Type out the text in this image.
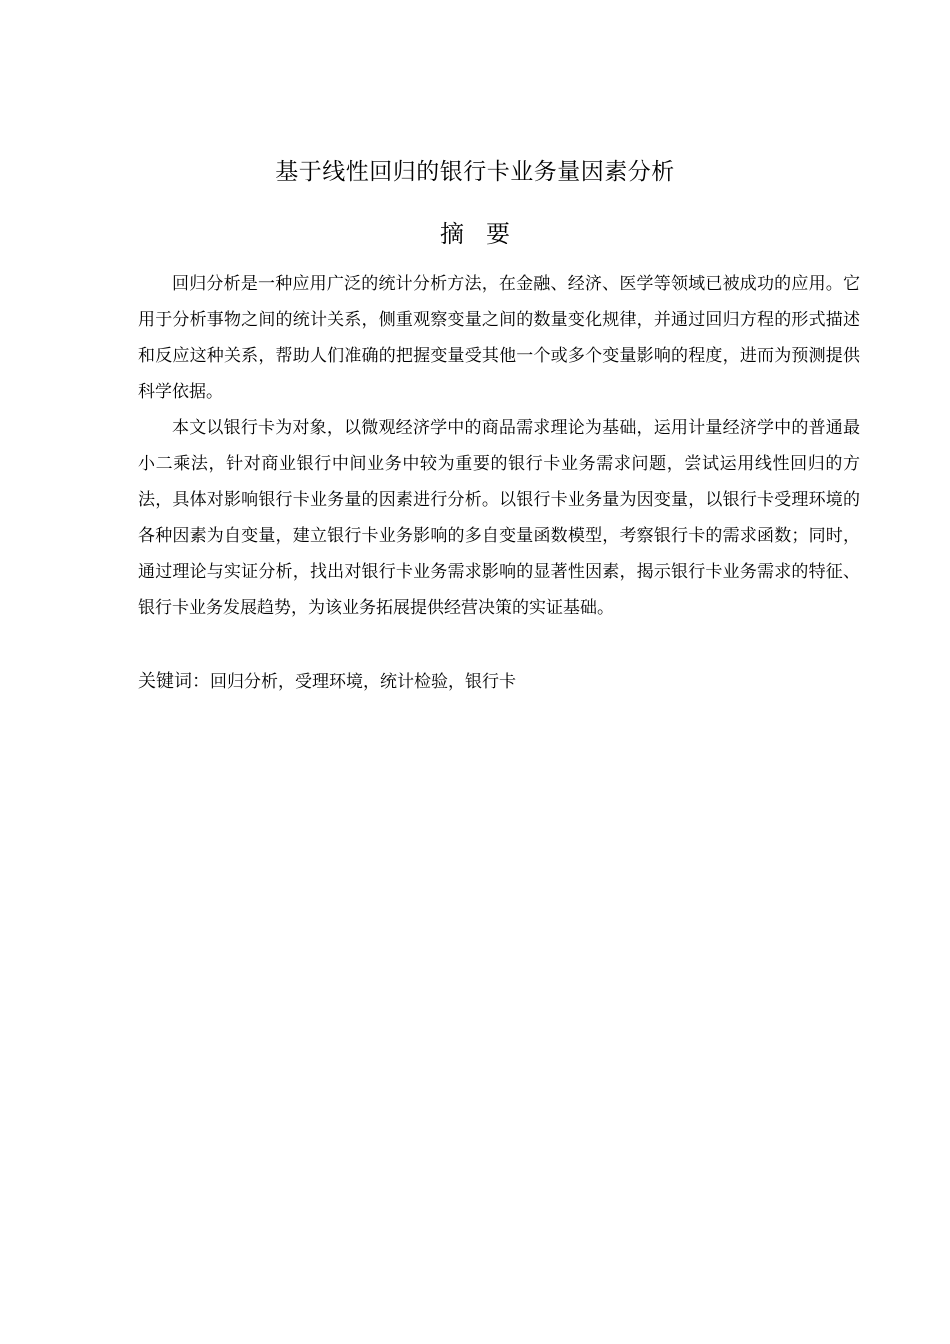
基于线性回归的银行卡业务量因素分析
摘要

回归分析是一种应用广泛的统计分析方法，在金融、经济、医学等领域已被成功的应用。它用于分析事物之间的统计关系，侧重观察变量之间的数量变化规律，并通过回归方程的形式描述和反应这种关系，帮助人们准确的把握变量受其他一个或多个变量影响的程度，进而为预测提供科学依据。

本文以银行卡为对象，以微观经济学中的商品需求理论为基础，运用计量经济学中的普通最小二乘法，针对商业银行中间业务中较为重要的银行卡业务需求问题，尝试运用线性回归的方法，具体对影响银行卡业务量的因素进行分析。以银行卡业务量为因变量，以银行卡受理环境的各种因素为自变量，建立银行卡业务影响的多自变量函数模型，考察银行卡的需求函数；同时，通过理论与实证分析，找出对银行卡业务需求影响的显著性因素，揭示银行卡业务需求的特征、银行卡业务发展趋势，为该业务拓展提供经营决策的实证基础。

关键词：回归分析，受理环境，统计检验，银行卡
